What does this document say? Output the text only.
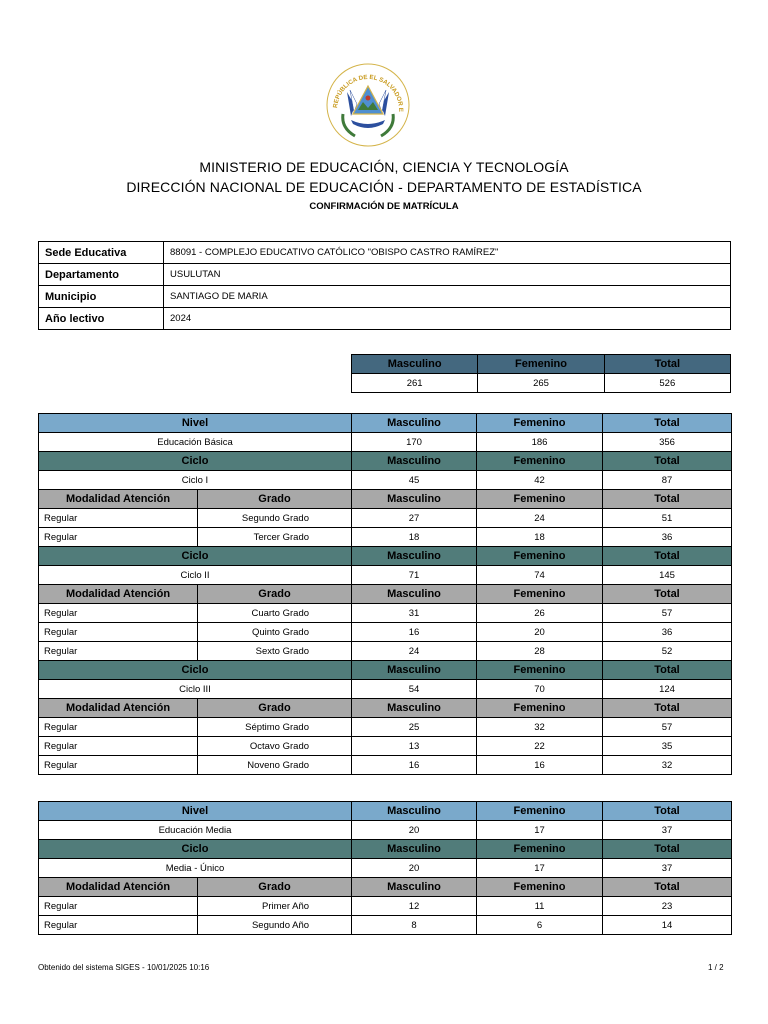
REPÚBLICA DE EL SALVADOR E
MINISTERIO DE EDUCACIÓN, CIENCIA Y TECNOLOGÍA
DIRECCIÓN NACIONAL DE EDUCACIÓN - DEPARTAMENTO DE ESTADÍSTICA
CONFIRMACIÓN DE MATRÍCULA
Sede Educativa	88091 - COMPLEJO EDUCATIVO CATÓLICO "OBISPO CASTRO RAMÍREZ"
Departamento	USULUTAN
Municipio	SANTIAGO DE MARIA
Año lectivo	2024
Masculino	Femenino	Total
261	265	526
Nivel		Masculino	Femenino	Total
Educación Básica		170	186	356
Ciclo		Masculino	Femenino	Total
Ciclo I		45	42	87
Modalidad Atención	Grado	Masculino	Femenino	Total
Regular	Segundo Grado	27	24	51
Regular	Tercer Grado	18	18	36
Ciclo		Masculino	Femenino	Total
Ciclo II		71	74	145
Modalidad Atención	Grado	Masculino	Femenino	Total
Regular	Cuarto Grado	31	26	57
Regular	Quinto Grado	16	20	36
Regular	Sexto Grado	24	28	52
Ciclo		Masculino	Femenino	Total
Ciclo III		54	70	124
Modalidad Atención	Grado	Masculino	Femenino	Total
Regular	Séptimo Grado	25	32	57
Regular	Octavo Grado	13	22	35
Regular	Noveno Grado	16	16	32
Nivel		Masculino	Femenino	Total
Educación Media		20	17	37
Ciclo		Masculino	Femenino	Total
Media - Único		20	17	37
Modalidad Atención	Grado	Masculino	Femenino	Total
Regular	Primer Año	12	11	23
Regular	Segundo Año	8	6	14
Obtenido del sistema SIGES - 10/01/2025 10:16	1 / 2
